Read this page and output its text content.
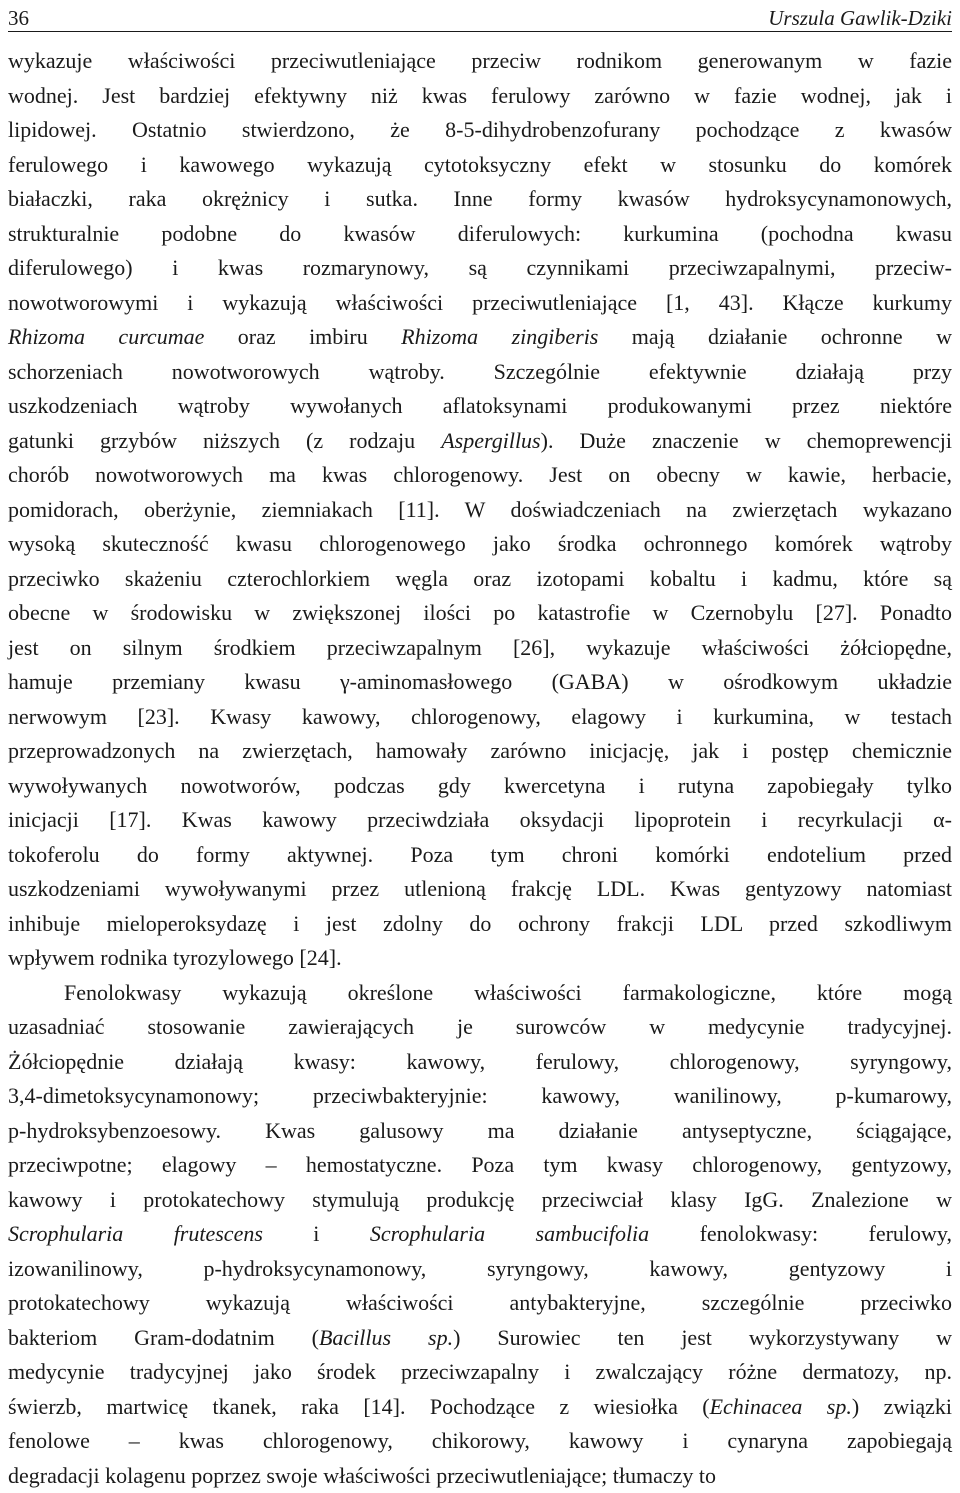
36	Urszula Gawlik-Dziki
wykazuje właściwości przeciwutleniające przeciw rodnikom generowanym w fazie
wodnej. Jest bardziej efektywny niż kwas ferulowy zarówno w fazie wodnej, jak i
lipidowej. Ostatnio stwierdzono, że 8-5-dihydrobenzofurany pochodzące z kwasów
ferulowego i kawowego wykazują cytotoksyczny efekt w stosunku do komórek
białaczki, raka okrężnicy i sutka. Inne formy kwasów hydroksycynamonowych,
strukturalnie podobne do kwasów diferulowych: kurkumina (pochodna kwasu
diferulowego) i kwas rozmarynowy, są czynnikami przeciwzapalnymi, przeciw-
nowotworowymi i wykazują właściwości przeciwutleniające [1, 43]. Kłącze kurkumy
Rhizoma curcumae oraz imbiru Rhizoma zingiberis mają działanie ochronne w
schorzeniach nowotworowych wątroby. Szczególnie efektywnie działają przy
uszkodzeniach wątroby wywołanych aflatoksynami produkowanymi przez niektóre
gatunki grzybów niższych (z rodzaju Aspergillus). Duże znaczenie w chemoprewencji
chorób nowotworowych ma kwas chlorogenowy. Jest on obecny w kawie, herbacie,
pomidorach, oberżynie, ziemniakach [11]. W doświadczeniach na zwierzętach wykazano
wysoką skuteczność kwasu chlorogenowego jako środka ochronnego komórek wątroby
przeciwko skażeniu czterochlorkiem węgla oraz izotopami kobaltu i kadmu, które są
obecne w środowisku w zwiększonej ilości po katastrofie w Czernobylu [27]. Ponadto
jest on silnym środkiem przeciwzapalnym [26], wykazuje właściwości żółciopędne,
hamuje przemiany kwasu γ-aminomasłowego (GABA) w ośrodkowym układzie
nerwowym [23]. Kwasy kawowy, chlorogenowy, elagowy i kurkumina, w testach
przeprowadzonych na zwierzętach, hamowały zarówno inicjację, jak i postęp chemicznie
wywoływanych nowotworów, podczas gdy kwercetyna i rutyna zapobiegały tylko
inicjacji [17]. Kwas kawowy przeciwdziała oksydacji lipoprotein i recyrkulacji α-
tokoferolu do formy aktywnej. Poza tym chroni komórki endotelium przed
uszkodzeniami wywoływanymi przez utlenioną frakcję LDL. Kwas gentyzowy natomiast
inhibuje mieloperoksydazę i jest zdolny do ochrony frakcji LDL przed szkodliwym
wpływem rodnika tyrozylowego [24].
Fenolokwasy wykazują określone właściwości farmakologiczne, które mogą
uzasadniać stosowanie zawierających je surowców w medycynie tradycyjnej.
Żółciopędnie działają kwasy: kawowy, ferulowy, chlorogenowy, syryngowy,
3,4-dimetoksycynamonowy; przeciwbakteryjnie: kawowy, wanilinowy, p-kumarowy,
p-hydroksybenzoesowy. Kwas galusowy ma działanie antyseptyczne, ściągające,
przeciwpotne; elagowy – hemostatyczne. Poza tym kwasy chlorogenowy, gentyzowy,
kawowy i protokatechowy stymulują produkcję przeciwciał klasy IgG. Znalezione w
Scrophularia frutescens i Scrophularia sambucifolia fenolokwasy: ferulowy,
izowanilinowy, p-hydroksycynamonowy, syryngowy, kawowy, gentyzowy i
protokatechowy wykazują właściwości antybakteryjne, szczególnie przeciwko
bakteriom Gram-dodatnim (Bacillus sp.) Surowiec ten jest wykorzystywany w
medycynie tradycyjnej jako środek przeciwzapalny i zwalczający różne dermatozy, np.
świerzb, martwicę tkanek, raka [14]. Pochodzące z wiesiołka (Echinacea sp.) związki
fenolowe – kwas chlorogenowy, chikorowy, kawowy i cynaryna zapobiegają
degradacji kolagenu poprzez swoje właściwości przeciwutleniające; tłumaczy to
